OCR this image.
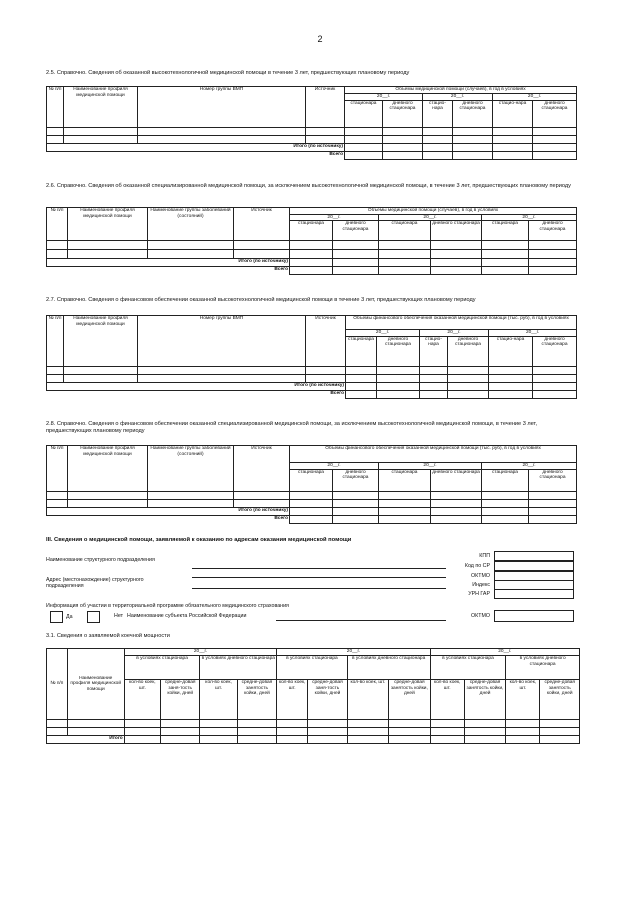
2
2.5. Справочно. Сведения об оказанной высокотехнологичной медицинской помощи в течение 3 лет, предшествующих плановому периоду
№ п/п	Наименование профиля медицинской помощи	Номер группы ВМП	Источник	Объемы медицинской помощи (случаев), в год в условиях					
				20__г.		20__г.		20__г.	
				стационара	дневного стационара	стацио-нара	дневного стационара	стацио-нара	дневного стационара

Итого (по источнику)									
Всего									
2.6. Справочно. Сведения об оказанной специализированной медицинской помощи, за исключением высокотехнологичной медицинской помощи, в течение 3 лет, предшествующих плановому периоду
№ п/п	Наименование профиля медицинской помощи	Наименование группы заболеваний (состояний)	Источник	Объемы медицинской помощи (случаев), в год в условиях					
				20__г.		20__г.		20__г.	
				стационара	дневного стационара	стационара	дневного стационара	стационара	дневного стационара

Итого (по источнику)									
Всего									
2.7. Справочно. Сведения о финансовом обеспечении оказанной высокотехнологичной медицинской помощи в течение 3 лет, предшествующих плановому периоду
№ п/п	Наименование профиля медицинской помощи	Номер группы ВМП	Источник	Объемы финансового обеспечения оказанной медицинской помощи (тыс. руб), в год в условиях					
				20__г.		20__г.		20__г.	
				стационара	дневного стационара	стацио-нара	дневного стационара	стацио-нара	дневного стационара

Итого (по источнику)									
Всего									
2.8. Справочно. Сведения о финансовом обеспечении оказанной специализированной медицинской помощи, за исключением высокотехнологичной медицинской помощи, в течение 3 лет, предшествующих плановому периоду
№ п/п	Наименование профиля медицинской помощи	Наименование группы заболеваний (состояний)	Источник	Объемы финансового обеспечения оказанной медицинской помощи (тыс. руб), в год в условиях					
				20__г.		20__г.		20__г.	
				стационара	дневного стационара	стационара	дневного стационара	стационара	дневного стационара

Итого (по источнику)									
Всего									
III. Сведения о медицинской помощи, заявляемой к оказанию по адресам оказания медицинской помощи
Наименование структурного подразделения
Адрес (местонахождение) структурного подразделения
КПП
Код по СР
ОКТМО
Индекс
УРН ГАР
Информация об участии в территориальной программе обязательного медицинского страхования
Да	Нет Наименование субъекта Российской Федерации	ОКТМО
3.1. Сведения о заявляемой коечной мощности
№ п/п	Наименование профиля медицинской помощи	20__г.				20__г.				20__г.			
		в условиях стационара		в условиях дневного стационара		в условиях стационара		в условиях дневного стационара		в условиях стационара		в условиях дневного стационара	
		кол-во коек, шт.	средне-довая заня-тость койки, дней	кол-во коек, шт.	средне-довая занятость койки, дней	кол-во коек, шт.	средне-довая заня-тость койки, дней	кол-во коек, шт.	средне-довая занятость койки, дней	кол-во коек, шт.	средне-довая занятость койки, дней	кол-во коек, шт.	средне-довая занятость койки, дней

Итого													
